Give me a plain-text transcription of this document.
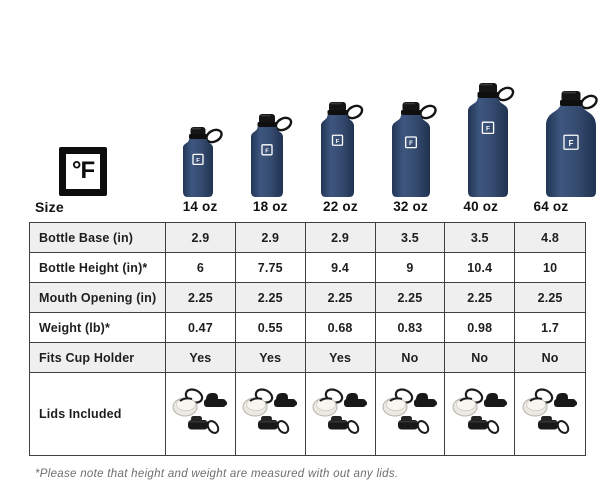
°F
Size
F
F
F	F
F
F
14 oz	18 oz	22 oz	32 oz	40 oz	64 oz
Bottle Base (in)	2.9	2.9	2.9	3.5	3.5	4.8
Bottle Height (in)*	6	7.75	9.4	9	10.4	10
Mouth Opening (in)	2.25	2.25	2.25	2.25	2.25	2.25
Weight (lb)*	0.47	0.55	0.68	0.83	0.98	1.7
Fits Cup Holder	Yes	Yes	Yes	No	No	No
Lids Included
*Please note that height and weight are measured with out any lids.
